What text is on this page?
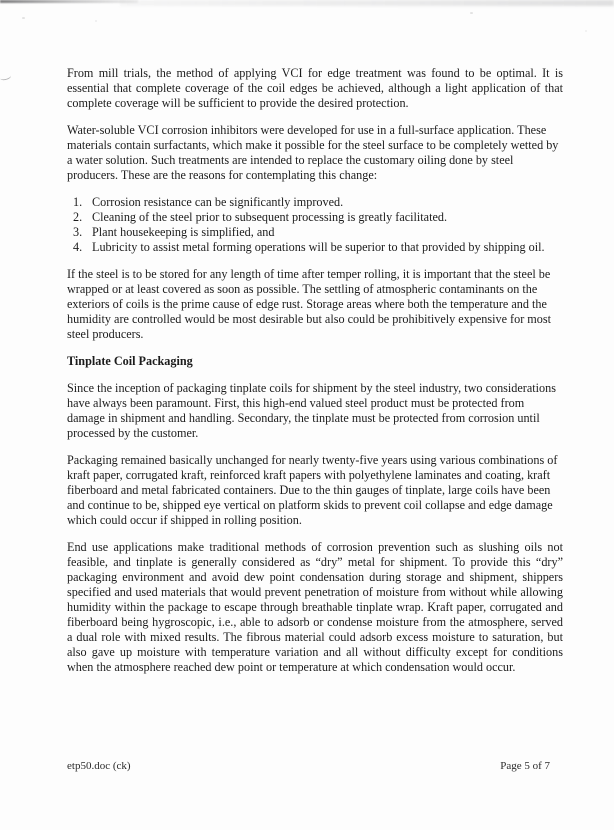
From mill trials, the method of applying VCI for edge treatment was found to be optimal. It is essential that complete coverage of the coil edges be achieved, although a light application of that complete coverage will be sufficient to provide the desired protection.

Water-soluble VCI corrosion inhibitors were developed for use in a full-surface application. These materials contain surfactants, which make it possible for the steel surface to be completely wetted by a water solution. Such treatments are intended to replace the customary oiling done by steel producers. These are the reasons for contemplating this change:

1. Corrosion resistance can be significantly improved.
2. Cleaning of the steel prior to subsequent processing is greatly facilitated.
3. Plant housekeeping is simplified, and
4. Lubricity to assist metal forming operations will be superior to that provided by shipping oil.

If the steel is to be stored for any length of time after temper rolling, it is important that the steel be wrapped or at least covered as soon as possible. The settling of atmospheric contaminants on the exteriors of coils is the prime cause of edge rust. Storage areas where both the temperature and the humidity are controlled would be most desirable but also could be prohibitively expensive for most steel producers.

Tinplate Coil Packaging

Since the inception of packaging tinplate coils for shipment by the steel industry, two considerations have always been paramount. First, this high-end valued steel product must be protected from damage in shipment and handling. Secondary, the tinplate must be protected from corrosion until processed by the customer.

Packaging remained basically unchanged for nearly twenty-five years using various combinations of kraft paper, corrugated kraft, reinforced kraft papers with polyethylene laminates and coating, kraft fiberboard and metal fabricated containers. Due to the thin gauges of tinplate, large coils have been and continue to be, shipped eye vertical on platform skids to prevent coil collapse and edge damage which could occur if shipped in rolling position.

End use applications make traditional methods of corrosion prevention such as slushing oils not feasible, and tinplate is generally considered as “dry” metal for shipment. To provide this “dry” packaging environment and avoid dew point condensation during storage and shipment, shippers specified and used materials that would prevent penetration of moisture from without while allowing humidity within the package to escape through breathable tinplate wrap. Kraft paper, corrugated and fiberboard being hygroscopic, i.e., able to adsorb or condense moisture from the atmosphere, served a dual role with mixed results. The fibrous material could adsorb excess moisture to saturation, but also gave up moisture with temperature variation and all without difficulty except for conditions when the atmosphere reached dew point or temperature at which condensation would occur.

etp50.doc (ck)	Page 5 of 7
